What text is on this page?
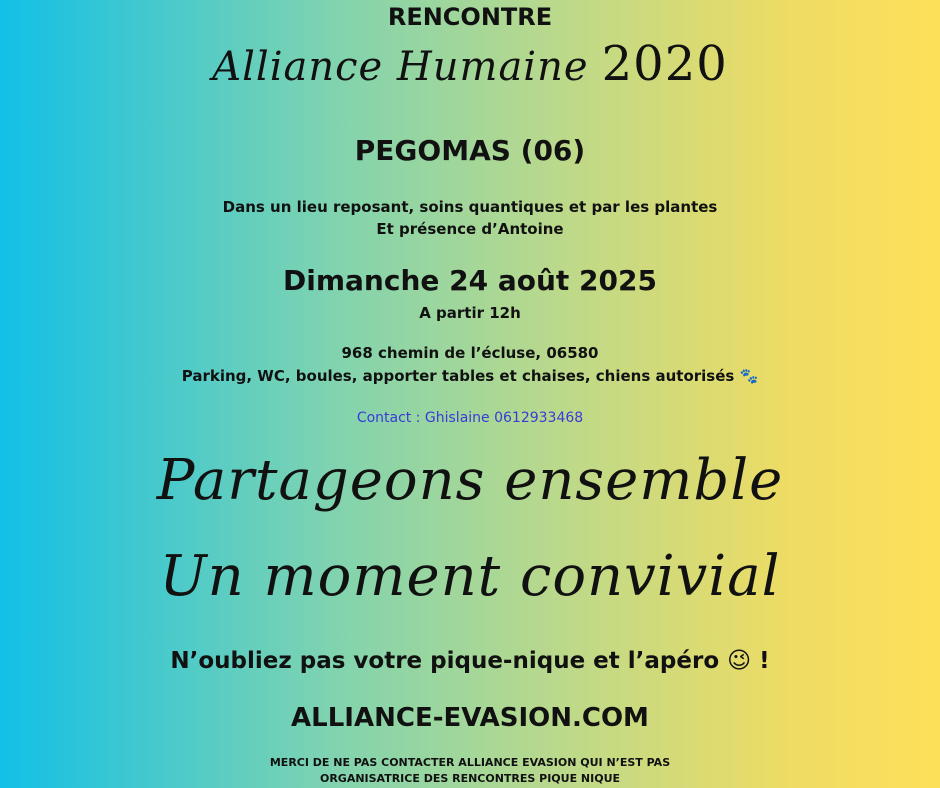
RENCONTRE
Alliance Humaine 2020
PEGOMAS (06)
Dans un lieu reposant, soins quantiques et par les plantes
Et présence d’Antoine
Dimanche 24 août 2025
A partir 12h
968 chemin de l’écluse, 06580
Parking, WC, boules, apporter tables et chaises, chiens autorisés 🐾
Contact : Ghislaine 0612933468
Partageons ensemble
Un moment convivial
N’oubliez pas votre pique-nique et l’apéro 😉 !
ALLIANCE-EVASION.COM
MERCI DE NE PAS CONTACTER ALLIANCE EVASION QUI N’EST PAS
ORGANISATRICE DES RENCONTRES PIQUE NIQUE
